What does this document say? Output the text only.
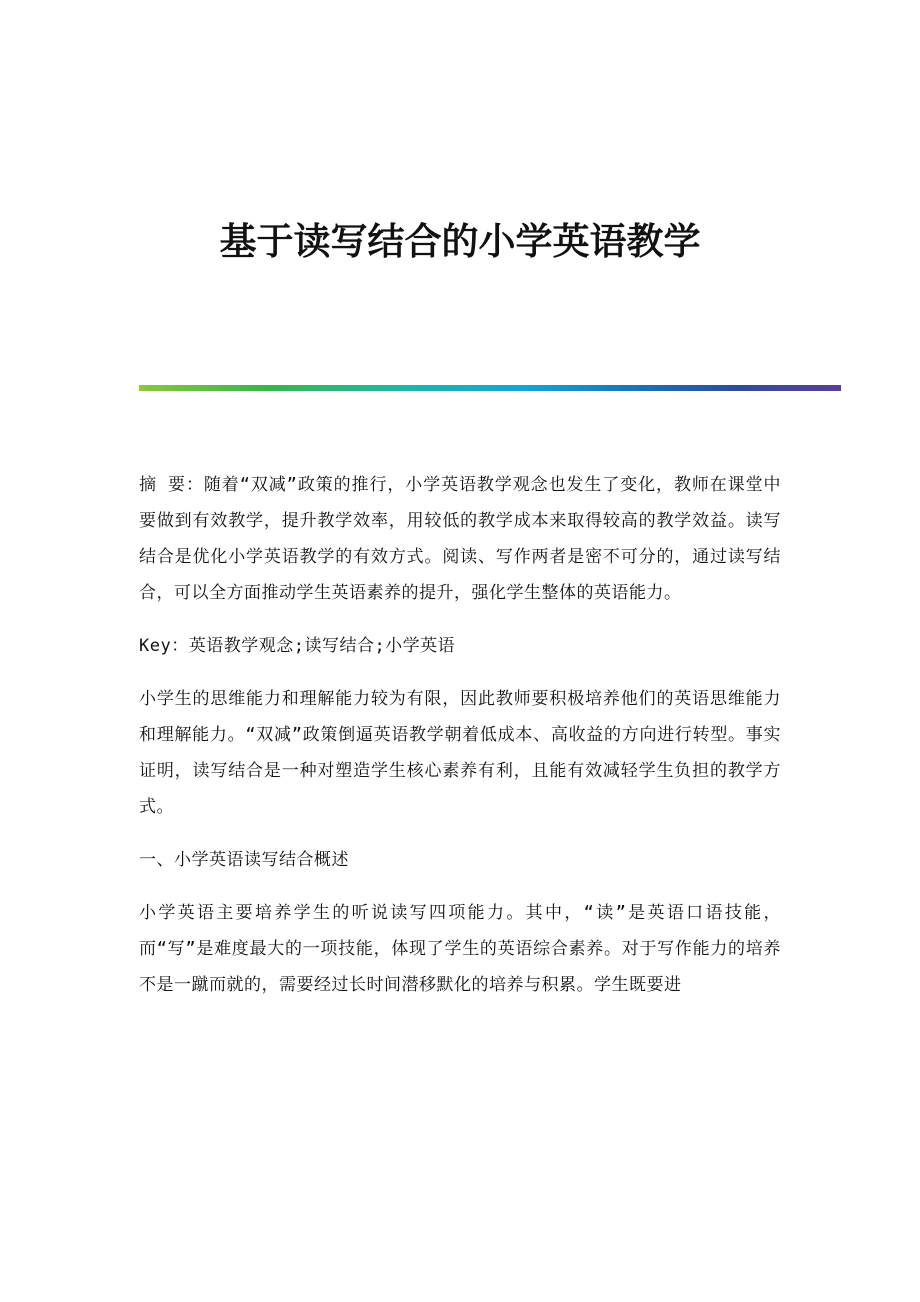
基于读写结合的小学英语教学

摘 要：随着“双减”政策的推行，小学英语教学观念也发生了变化，教师在课堂中要做到有效教学，提升教学效率，用较低的教学成本来取得较高的教学效益。读写结合是优化小学英语教学的有效方式。阅读、写作两者是密不可分的，通过读写结合，可以全方面推动学生英语素养的提升，强化学生整体的英语能力。

Key：英语教学观念;读写结合;小学英语

小学生的思维能力和理解能力较为有限，因此教师要积极培养他们的英语思维能力和理解能力。“双减”政策倒逼英语教学朝着低成本、高收益的方向进行转型。事实证明，读写结合是一种对塑造学生核心素养有利，且能有效减轻学生负担的教学方式。

一、小学英语读写结合概述

小学英语主要培养学生的听说读写四项能力。其中，“读”是英语口语技能，而“写”是难度最大的一项技能，体现了学生的英语综合素养。对于写作能力的培养不是一蹴而就的，需要经过长时间潜移默化的培养与积累。学生既要进
